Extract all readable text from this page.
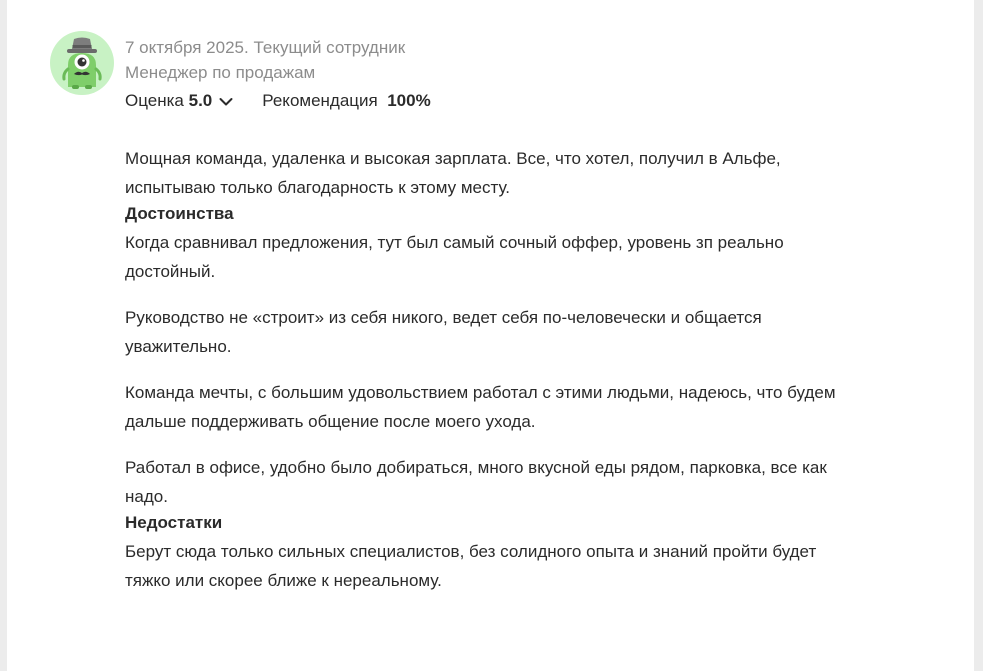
7 октября 2025. Текущий сотрудник
Менеджер по продажам
Оценка
5.0	Рекомендация 100%

Мощная команда, удаленка и высокая зарплата. Все, что хотел, получил в Альфе, испытываю только благодарность к этому месту.

Достоинства

Когда сравнивал предложения, тут был самый сочный оффер, уровень зп реально достойный.

Руководство не «строит» из себя никого, ведет себя по-человечески и общается уважительно.

Команда мечты, с большим удовольствием работал с этими людьми, надеюсь, что будем дальше поддерживать общение после моего ухода.

Работал в офисе, удобно было добираться, много вкусной еды рядом, парковка, все как надо.

Недостатки

Берут сюда только сильных специалистов, без солидного опыта и знаний пройти будет тяжко или скорее ближе к нереальному.
